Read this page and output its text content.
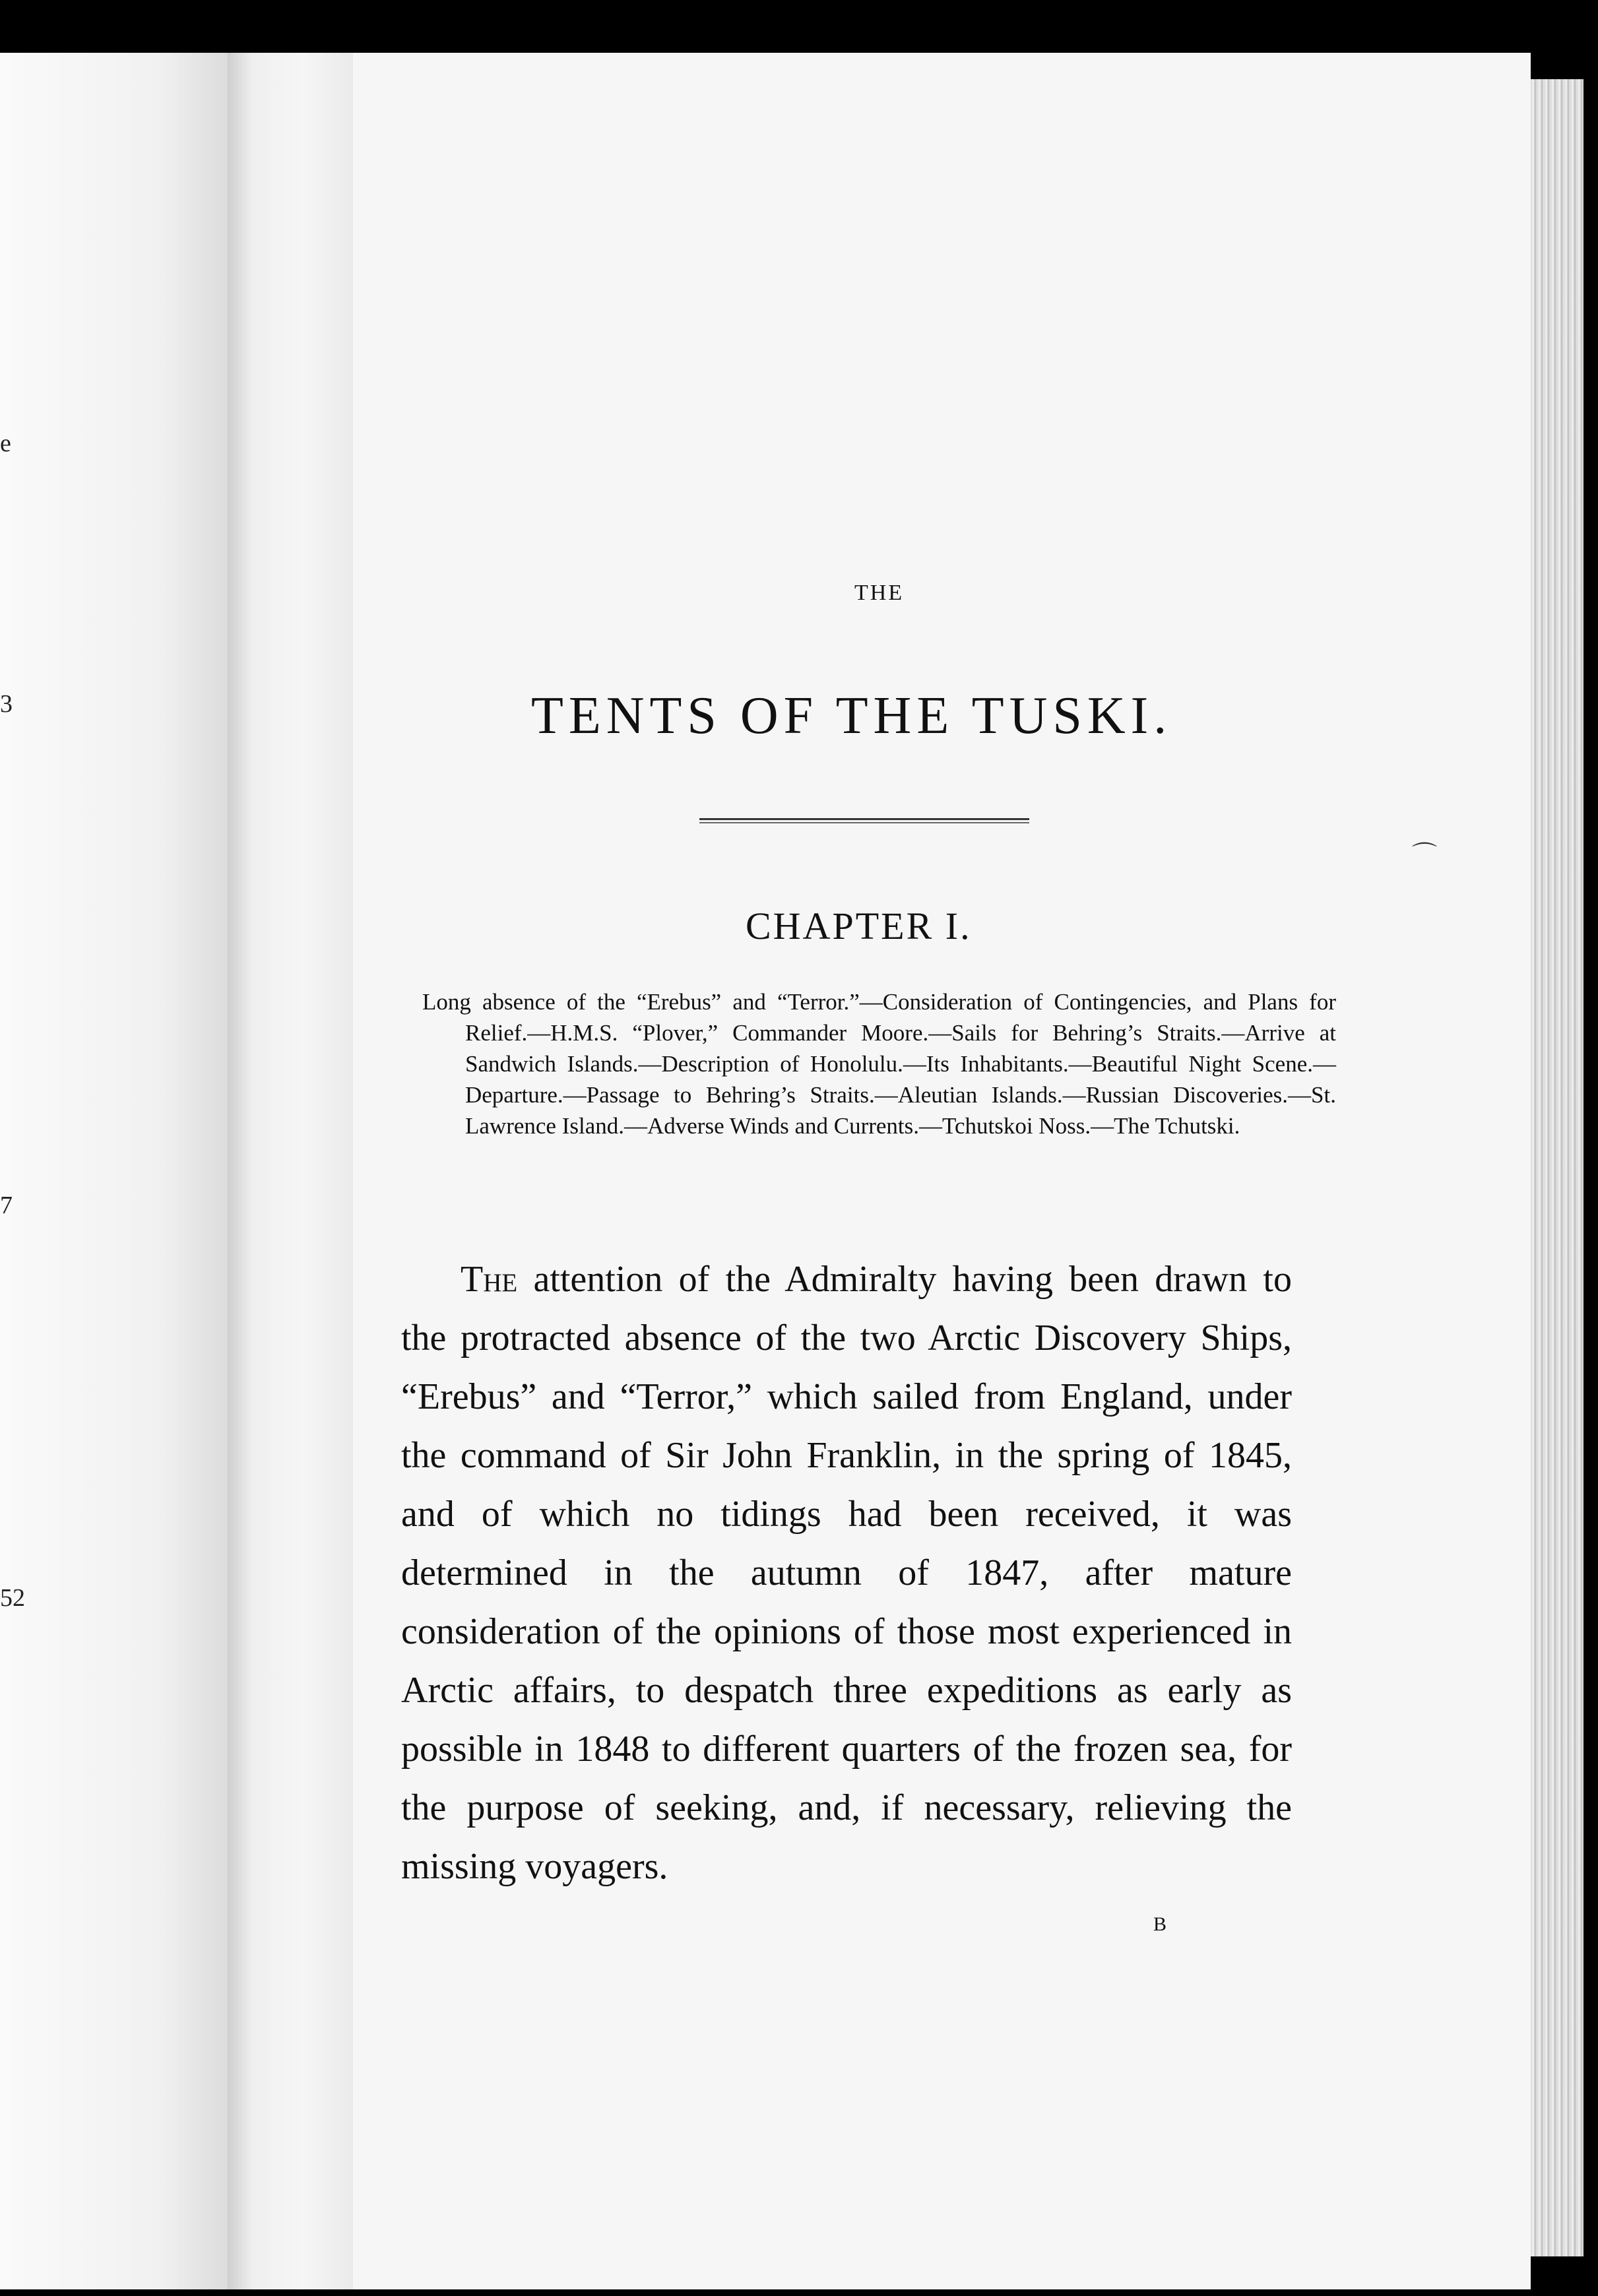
e
3
7
52
THE
TENTS OF THE TUSKI.
CHAPTER I.
Long absence of the “Erebus” and “Terror.”—Consideration of Contingencies, and Plans for Relief.—H.M.S. “Plover,” Commander Moore.—Sails for Behring’s Straits.—Arrive at Sandwich Islands.—Description of Honolulu.—Its Inhabitants.—Beautiful Night Scene.—Departure.—Passage to Behring’s Straits.—Aleutian Islands.—Russian Discoveries.—St. Lawrence Island.—Adverse Winds and Currents.—Tchutskoi Noss.—The Tchutski.
The attention of the Admiralty having been drawn to the protracted absence of the two Arctic Discovery Ships, “Erebus” and “Terror,” which sailed from England, under the command of Sir John Franklin, in the spring of 1845, and of which no tidings had been received, it was determined in the autumn of 1847, after mature consideration of the opinions of those most experienced in Arctic affairs, to despatch three expeditions as early as possible in 1848 to different quarters of the frozen sea, for the purpose of seeking, and, if necessary, relieving the missing voyagers.
B
⌒
